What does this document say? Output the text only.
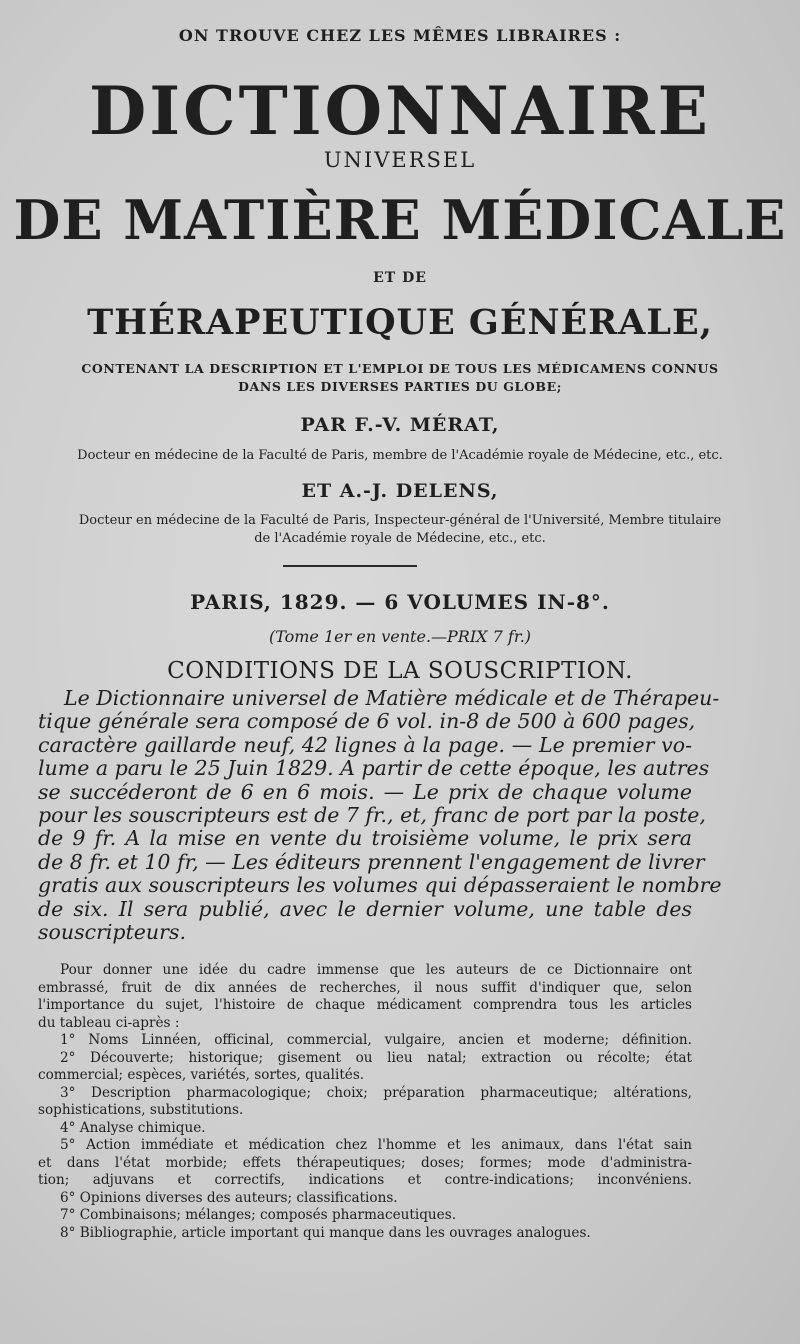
ON TROUVE CHEZ LES MÊMES LIBRAIRES :
DICTIONNAIRE
UNIVERSEL
DE MATIÈRE MÉDICALE
ET DE
THÉRAPEUTIQUE GÉNÉRALE,
CONTENANT LA DESCRIPTION ET L'EMPLOI DE TOUS LES MÉDICAMENS CONNUS
DANS LES DIVERSES PARTIES DU GLOBE;
PAR F.-V. MÉRAT,
Docteur en médecine de la Faculté de Paris, membre de l'Académie royale de Médecine, etc., etc.
ET A.-J. DELENS,
Docteur en médecine de la Faculté de Paris, Inspecteur-général de l'Université, Membre titulaire
de l'Académie royale de Médecine, etc., etc.
PARIS, 1829. — 6 VOLUMES IN-8°.
(Tome 1er en vente.—PRIX 7 fr.)
CONDITIONS DE LA SOUSCRIPTION.
Le Dictionnaire universel de Matière médicale et de Thérapeu-
tique générale sera composé de 6 vol. in-8 de 500 à 600 pages,
caractère gaillarde neuf, 42 lignes à la page. — Le premier vo-
lume a paru le 25 Juin 1829. A partir de cette époque, les autres
se succéderont de 6 en 6 mois. — Le prix de chaque volume
pour les souscripteurs est de 7 fr., et, franc de port par la poste,
de 9 fr. A la mise en vente du troisième volume, le prix sera
de 8 fr. et 10 fr, — Les éditeurs prennent l'engagement de livrer
gratis aux souscripteurs les volumes qui dépasseraient le nombre
de six. Il sera publié, avec le dernier volume, une table des
souscripteurs.
Pour donner une idée du cadre immense que les auteurs de ce Dictionnaire ont
embrassé, fruit de dix années de recherches, il nous suffit d'indiquer que, selon
l'importance du sujet, l'histoire de chaque médicament comprendra tous les articles
du tableau ci-après :
1° Noms Linnéen, officinal, commercial, vulgaire, ancien et moderne; définition.
2° Découverte; historique; gisement ou lieu natal; extraction ou récolte; état
commercial; espèces, variétés, sortes, qualités.
3° Description pharmacologique; choix; préparation pharmaceutique; altérations,
sophistications, substitutions.
4° Analyse chimique.
5° Action immédiate et médication chez l'homme et les animaux, dans l'état sain
et dans l'état morbide; effets thérapeutiques; doses; formes; mode d'administra-
tion; adjuvans et correctifs, indications et contre-indications; inconvéniens.
6° Opinions diverses des auteurs; classifications.
7° Combinaisons; mélanges; composés pharmaceutiques.
8° Bibliographie, article important qui manque dans les ouvrages analogues.
